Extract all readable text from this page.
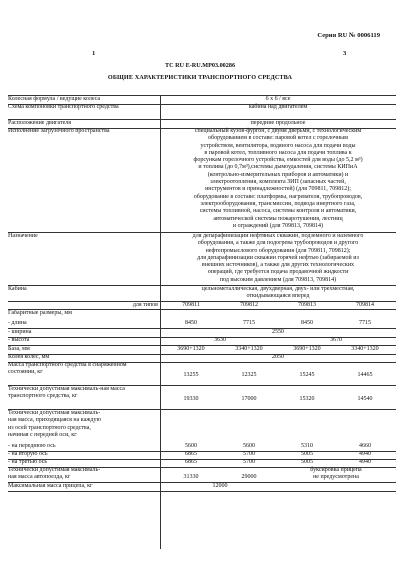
Серия RU № 0006119
1	3
ТС RU E-RU.MP03.00286
ОБЩИЕ ХАРАКТЕРИСТИКИ ТРАНСПОРТНОГО СРЕДСТВА
Колесная формула / ведущие колеса	6 x 6 / все
Схема компоновки транспортного средства	кабина над двигателем
Расположение двигателя	передние продольное
Исполнение загрузочного пространства	специальный кузов-фургон, с двумя дверьми, с технологическим
оборудованием в составе: паровой котел с горелочным
устройством, вентилятора, водяного насоса для подачи воды
в паровой котел, топливного насоса для подачи топлива к
форсункам горелочного устройства, емкостей для воды (до 5,2 м³)
и топлива (до 0,7м³),системы дымоудаления, системы КИПиА
(контрольно-измерительных приборов и автоматики) и
электроотопления, комплекта ЗИП (запасных частей,
инструментов и принадлежностей) (для 709811, 709812);
оборудование в составе: платформы, нагревателя, трубопроводов,
электрооборудования, трансмиссии, подвода инертного газа,
системы топливной, насоса, системы контроля и автоматики,
автоматической системы пожаротушения, лестниц
и ограждений (для 709813, 709814)
Назначение	для депарафинизации нефтяных скважин, подземного и наземного
оборудования, а также для подогрева трубопроводов и другого
нефтепромыслового оборудования (для 709811, 709812);
для депарафинизации скважин горячей нефтью (забираемой из
внешних источников), а также для других технологических
операций, где требуется подача продавочной жидкости
под высоким давлением (для 709813, 709814)
Кабина	цельнометаллическая, двухдверная, двух- или трехместная,
откидывающаяся вперед
для типов	709811	709812	709813	709814
Габаритные размеры, мм
- длина	8450	7715	8450	7715
- ширина	2550
- высота	3630	3670
База, мм	3690+1320	3340+1320	3690+1320	3340+1320
Колея колес, мм	2050
Масса транспортного средства в снаряженном состоянии, кг	13255	12325	15245	14465
Технически допустимая максималь-ная масса транспортного средства, кг	19330	17000	15320	14540
Технически допустимая максималь-
ная масса, приходящаяся на каждую
из осей транспортного средства,
начиная с передней оси, кг
- на переднюю ось	5600	5600	5310	4660
- на вторую ось	6865	5700	5005	4940
- на третью ось	6865	5700	5005	4940
Технически допустимая максималь-
ная масса автопоезда, кг	31330	29000
буксировка прицепа
не предусмотрена
Максимальная масса прицепа, кг	12000
